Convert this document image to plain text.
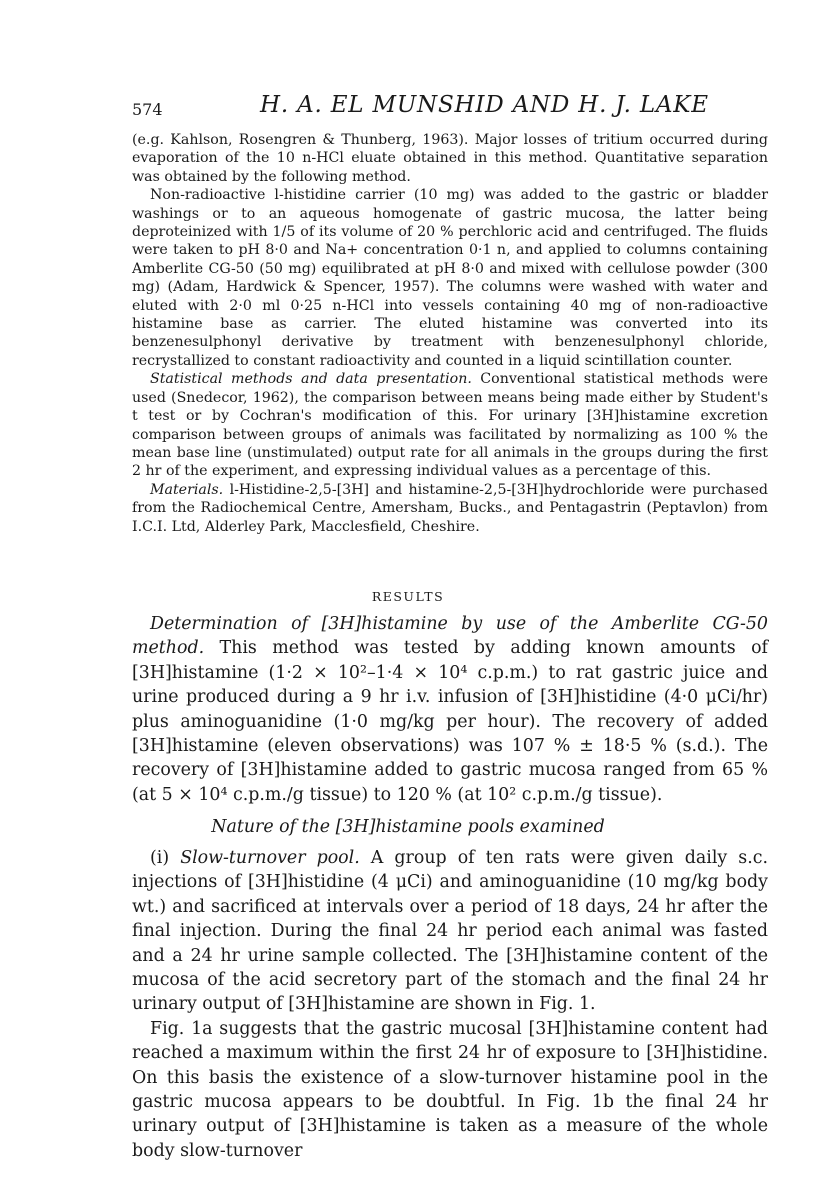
574	H. A. EL MUNSHID AND H. J. LAKE

(e.g. Kahlson, Rosengren & Thunberg, 1963). Major losses of tritium occurred during evaporation of the 10 n-HCl eluate obtained in this method. Quantitative separation was obtained by the following method.

Non-radioactive l-histidine carrier (10 mg) was added to the gastric or bladder washings or to an aqueous homogenate of gastric mucosa, the latter being deproteinized with 1/5 of its volume of 20 % perchloric acid and centrifuged. The fluids were taken to pH 8·0 and Na+ concentration 0·1 n, and applied to columns containing Amberlite CG-50 (50 mg) equilibrated at pH 8·0 and mixed with cellulose powder (300 mg) (Adam, Hardwick & Spencer, 1957). The columns were washed with water and eluted with 2·0 ml 0·25 n-HCl into vessels containing 40 mg of non-radioactive histamine base as carrier. The eluted histamine was converted into its benzenesulphonyl derivative by treatment with benzenesulphonyl chloride, recrystallized to constant radioactivity and counted in a liquid scintillation counter.

Statistical methods and data presentation. Conventional statistical methods were used (Snedecor, 1962), the comparison between means being made either by Student's t test or by Cochran's modification of this. For urinary [3H]histamine excretion comparison between groups of animals was facilitated by normalizing as 100 % the mean base line (unstimulated) output rate for all animals in the groups during the first 2 hr of the experiment, and expressing individual values as a percentage of this.

Materials. l-Histidine-2,5-[3H] and histamine-2,5-[3H]hydrochloride were purchased from the Radiochemical Centre, Amersham, Bucks., and Pentagastrin (Peptavlon) from I.C.I. Ltd, Alderley Park, Macclesfield, Cheshire.

RESULTS

Determination of [3H]histamine by use of the Amberlite CG-50 method. This method was tested by adding known amounts of [3H]histamine (1·2 × 10²–1·4 × 10⁴ c.p.m.) to rat gastric juice and urine produced during a 9 hr i.v. infusion of [3H]histidine (4·0 μCi/hr) plus aminoguanidine (1·0 mg/kg per hour). The recovery of added [3H]histamine (eleven observations) was 107 % ± 18·5 % (s.d.). The recovery of [3H]histamine added to gastric mucosa ranged from 65 % (at 5 × 10⁴ c.p.m./g tissue) to 120 % (at 10² c.p.m./g tissue).

Nature of the [3H]histamine pools examined

(i) Slow-turnover pool. A group of ten rats were given daily s.c. injections of [3H]histidine (4 μCi) and aminoguanidine (10 mg/kg body wt.) and sacrificed at intervals over a period of 18 days, 24 hr after the final injection. During the final 24 hr period each animal was fasted and a 24 hr urine sample collected. The [3H]histamine content of the mucosa of the acid secretory part of the stomach and the final 24 hr urinary output of [3H]histamine are shown in Fig. 1.

Fig. 1a suggests that the gastric mucosal [3H]histamine content had reached a maximum within the first 24 hr of exposure to [3H]histidine. On this basis the existence of a slow-turnover histamine pool in the gastric mucosa appears to be doubtful. In Fig. 1b the final 24 hr urinary output of [3H]histamine is taken as a measure of the whole body slow-turnover
